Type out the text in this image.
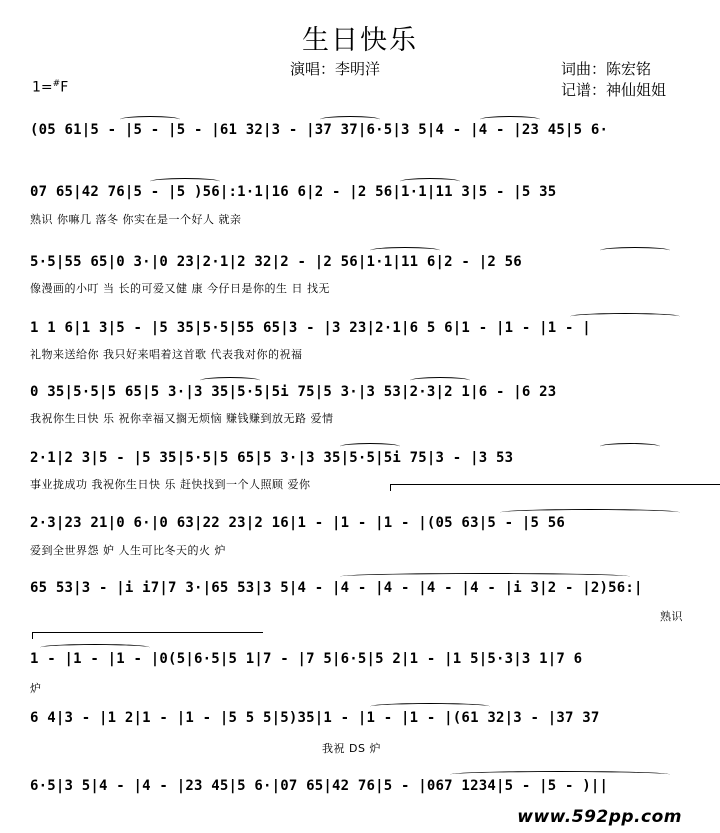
生日快乐
演唱：李明洋	词曲：陈宏铭
记谱：神仙姐姐
1=#F
(05 61|5 - |5 - |5 - |61 32|3 - |37 37|6·5|3 5|4 - |4 - |23 45|5 6·
07 65|42 76|5 - |5 )56|:1·1|16 6|2 - |2 56|1·1|11 3|5 - |5 35
熟识 你嘛几 落冬 你实在是一个好人 就亲
5·5|55 65|0 3·|0 23|2·1|2 32|2 - |2 56|1·1|11 6|2 - |2 56
像漫画的小叮 当 长的可爱又健 康 今仔日是你的生 日 找无
1 1 6|1 3|5 - |5 35|5·5|55 65|3 - |3 23|2·1|6 5 6|1 - |1 - |1 - |
礼物来送给你 我只好来唱着这首歌 代表我对你的祝福
0 35|5·5|5 65|5 3·|3 35|5·5|5i 75|5 3·|3 53|2·3|2 1|6 - |6 23
我祝你生日快 乐 祝你幸福又搁无烦恼 赚钱赚到放无路 爱情
2·1|2 3|5 - |5 35|5·5|5 65|5 3·|3 35|5·5|5i 75|3 - |3 53
事业拢成功 我祝你生日快 乐 赶快找到一个人照顾 爱你
2·3|23 21|0 6·|0 63|22 23|2 16|1 - |1 - |1 - |(05 63|5 - |5 56
爱到全世界怨 妒 人生可比冬天的火 炉
65 53|3 - |i i7|7 3·|65 53|3 5|4 - |4 - |4 - |4 - |4 - |i 3|2 - |2)56:|
熟识
1 - |1 - |1 - |0(5|6·5|5 1|7 - |7 5|6·5|5 2|1 - |1 5|5·3|3 1|7 6
炉
6 4|3 - |1 2|1 - |1 - |5 5 5|5)35|1 - |1 - |1 - |(61 32|3 - |37 37
我祝 DS 炉
6·5|3 5|4 - |4 - |23 45|5 6·|07 65|42 76|5 - |067 1234|5 - |5 - )||
www.592pp.com
